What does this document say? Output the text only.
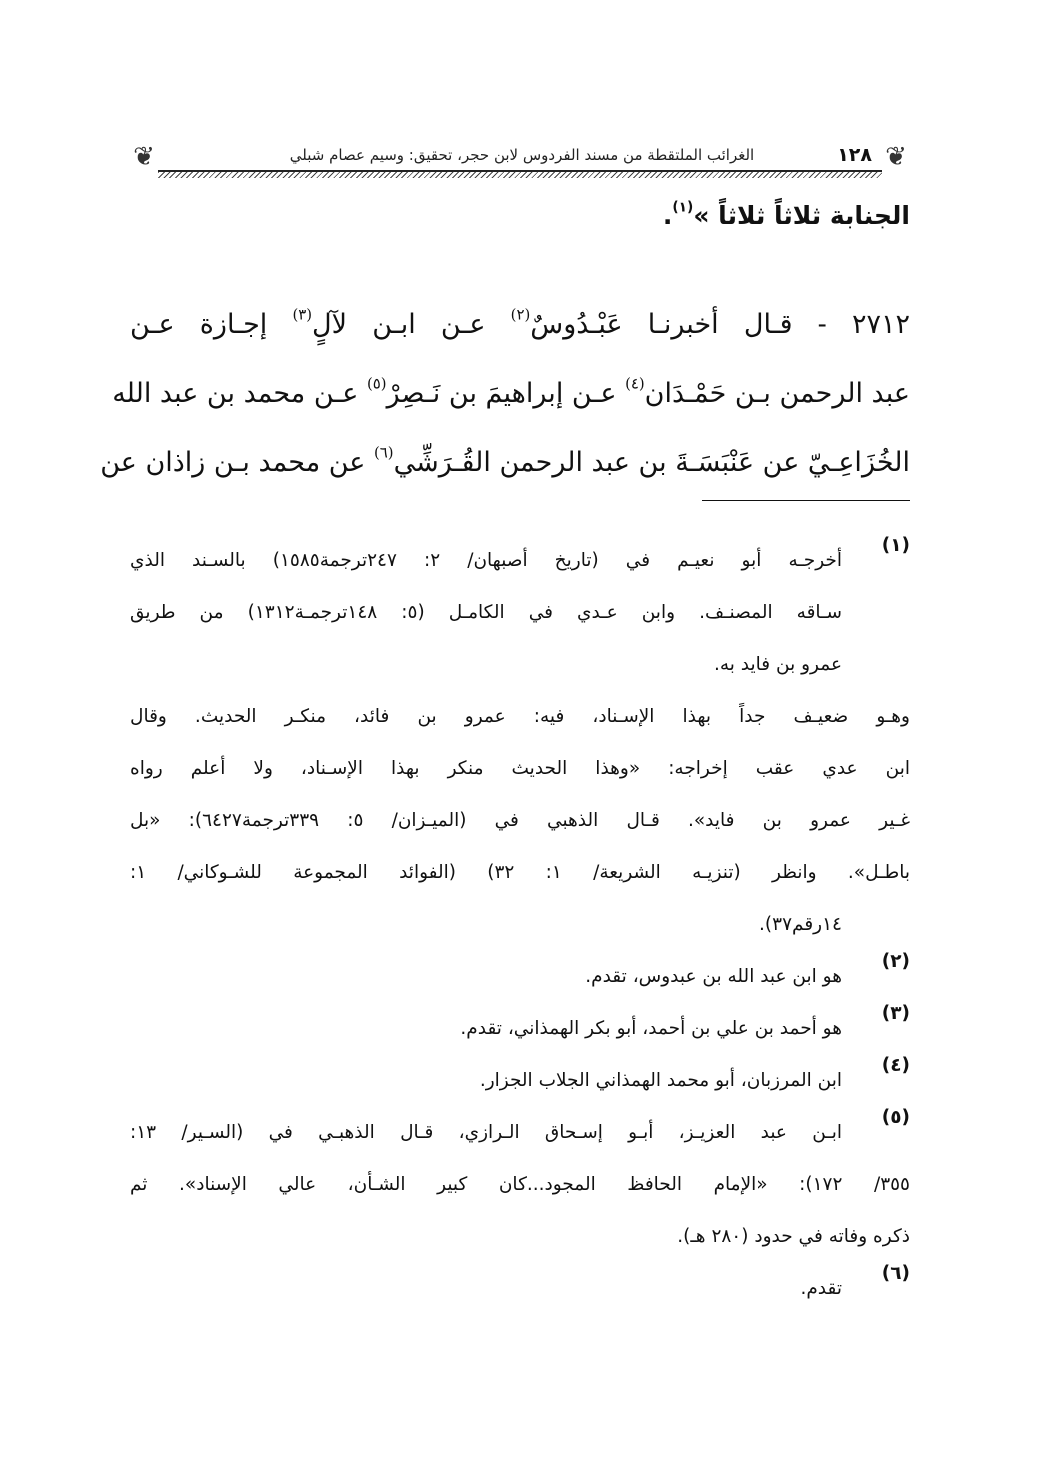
❦
١٢٨
الغرائب الملتقطة من مسند الفردوس لابن حجر، تحقيق: وسيم عصام شبلي
❦
الجنابة ثلاثاً ثلاثاً »$^{(١)}$.
٢٧١٢ - قـال أخبرنـا عَبْـدُوسٌ$^{(٢)}$ عـن ابـن لآلٍ$^{(٣)}$ إجـازة عـن
عبد الرحمن بـن حَمْـدَان$^{(٤)}$ عـن إبراهيمَ بن نَـصِرْ$^{(٥)}$ عـن محمد بن عبد الله
الخُزَاعِـيّ عن عَنْبَسَـةَ بن عبد الرحمن القُـرَشِّي$^{(٦)}$ عن محمد بـن زاذان عن
(١)
أخرجـه أبو نعيـم في (تاريخ أصبهان/ ٢: ٢٤٧ترجمة١٥٨٥) بالسـند الذي
سـاقه المصنـف. وابن عـدي في الكامـل (٥: ١٤٨ترجمـة١٣١٢) من طريق
عمرو بن فايد به.
وهـو ضعيـف جداً بهذا الإسـناد، فيه: عمرو بن فائد، منكـر الحديث. وقال
ابن عدي عقب إخراجه: «وهذا الحديث منكر بهذا الإسـناد، ولا أعلم رواه
غـير عمرو بن فايد». قـال الذهبي في (الميـزان/ ٥: ٣٣٩ترجمة٦٤٢٧): «بل
باطـل». وانظر (تنزيـه الشريعة/ ١: ٣٢) (الفوائد المجموعة للشـوكاني/ ١:
١٤رقم٣٧).
(٢)
هو ابن عبد الله بن عبدوس، تقدم.
(٣)
هو أحمد بن علي بن أحمد، أبو بكر الهمذاني، تقدم.
(٤)
ابن المرزبان، أبو محمد الهمذاني الجلاب الجزار.
(٥)
ابـن عبد العزيـز، أبـو إسـحاق الـرازي، قـال الذهبـي في (السـير/ ١٣:
٣٥٥/ ١٧٢): «الإمام الحافظ المجود...كان كبير الشـأن، عالي الإسناد». ثم
ذكره وفاته في حدود (٢٨٠ هـ).
(٦)
تقدم.
